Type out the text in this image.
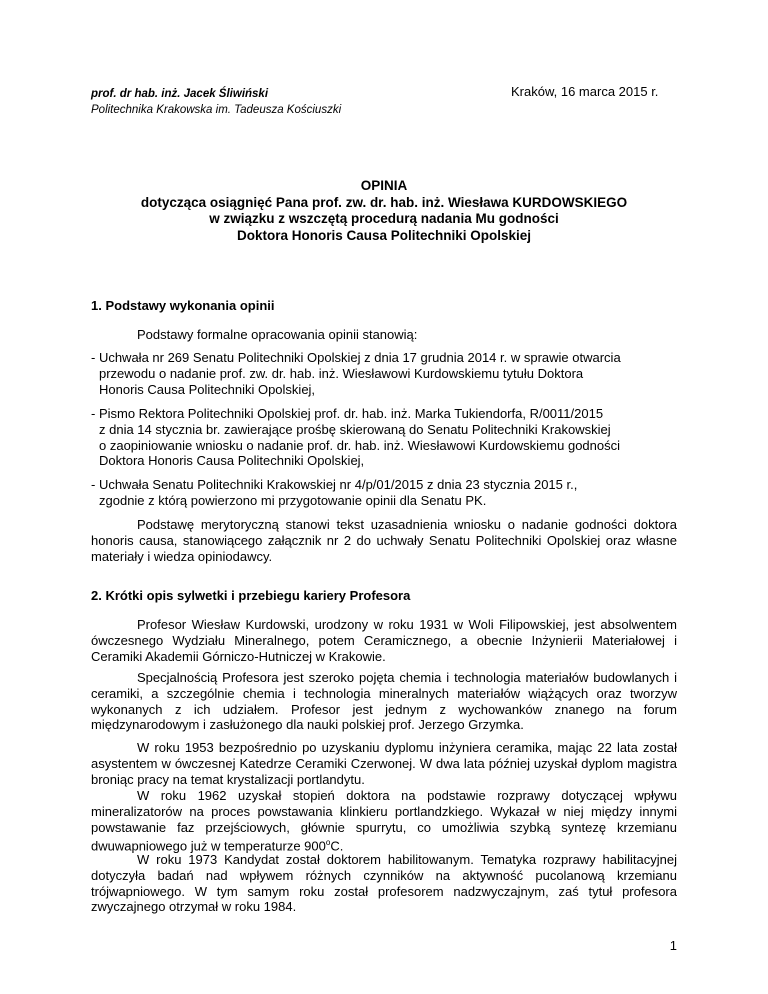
prof. dr hab. inż. Jacek Śliwiński
Politechnika Krakowska im. Tadeusza Kościuszki
Kraków, 16 marca 2015 r.
OPINIA
dotycząca osiągnięć Pana prof. zw. dr. hab. inż. Wiesława KURDOWSKIEGO
w związku z wszczętą procedurą nadania Mu godności
Doktora Honoris Causa Politechniki Opolskiej
1. Podstawy wykonania opinii
Podstawy formalne opracowania opinii stanowią:
- Uchwała nr 269 Senatu Politechniki Opolskiej z dnia 17 grudnia 2014 r. w sprawie otwarcia
przewodu o nadanie prof. zw. dr. hab. inż. Wiesławowi Kurdowskiemu tytułu Doktora
Honoris Causa Politechniki Opolskiej,
- Pismo Rektora Politechniki Opolskiej prof. dr. hab. inż. Marka Tukiendorfa, R/0011/2015
z dnia 14 stycznia br. zawierające prośbę skierowaną do Senatu Politechniki Krakowskiej
o zaopiniowanie wniosku o nadanie prof. dr. hab. inż. Wiesławowi Kurdowskiemu godności
Doktora Honoris Causa Politechniki Opolskiej,
- Uchwała Senatu Politechniki Krakowskiej nr 4/p/01/2015 z dnia 23 stycznia 2015 r.,
zgodnie z którą powierzono mi przygotowanie opinii dla Senatu PK.
Podstawę merytoryczną stanowi tekst uzasadnienia wniosku o nadanie godności doktora honoris causa, stanowiącego załącznik nr 2 do uchwały Senatu Politechniki Opolskiej oraz własne materiały i wiedza opiniodawcy.
2. Krótki opis sylwetki i przebiegu kariery Profesora
Profesor Wiesław Kurdowski, urodzony w roku 1931 w Woli Filipowskiej, jest absolwentem ówczesnego Wydziału Mineralnego, potem Ceramicznego, a obecnie Inżynierii Materiałowej i Ceramiki Akademii Górniczo-Hutniczej w Krakowie.
Specjalnością Profesora jest szeroko pojęta chemia i technologia materiałów budowlanych i ceramiki, a szczególnie chemia i technologia mineralnych materiałów wiążących oraz tworzyw wykonanych z ich udziałem. Profesor jest jednym z wychowanków znanego na forum międzynarodowym i zasłużonego dla nauki polskiej prof. Jerzego Grzymka.
W roku 1953 bezpośrednio po uzyskaniu dyplomu inżyniera ceramika, mając 22 lata został asystentem w ówczesnej Katedrze Ceramiki Czerwonej. W dwa lata później uzyskał dyplom magistra broniąc pracy na temat krystalizacji portlandytu.
W roku 1962 uzyskał stopień doktora na podstawie rozprawy dotyczącej wpływu mineralizatorów na proces powstawania klinkieru portlandzkiego. Wykazał w niej między innymi powstawanie faz przejściowych, głównie spurrytu, co umożliwia szybką syntezę krzemianu dwuwapniowego już w temperaturze 900$^o$C.
W roku 1973 Kandydat został doktorem habilitowanym. Tematyka rozprawy habilitacyjnej dotyczyła badań nad wpływem różnych czynników na aktywność pucolanową krzemianu trójwapniowego. W tym samym roku został profesorem nadzwyczajnym, zaś tytuł profesora zwyczajnego otrzymał w roku 1984.
1
